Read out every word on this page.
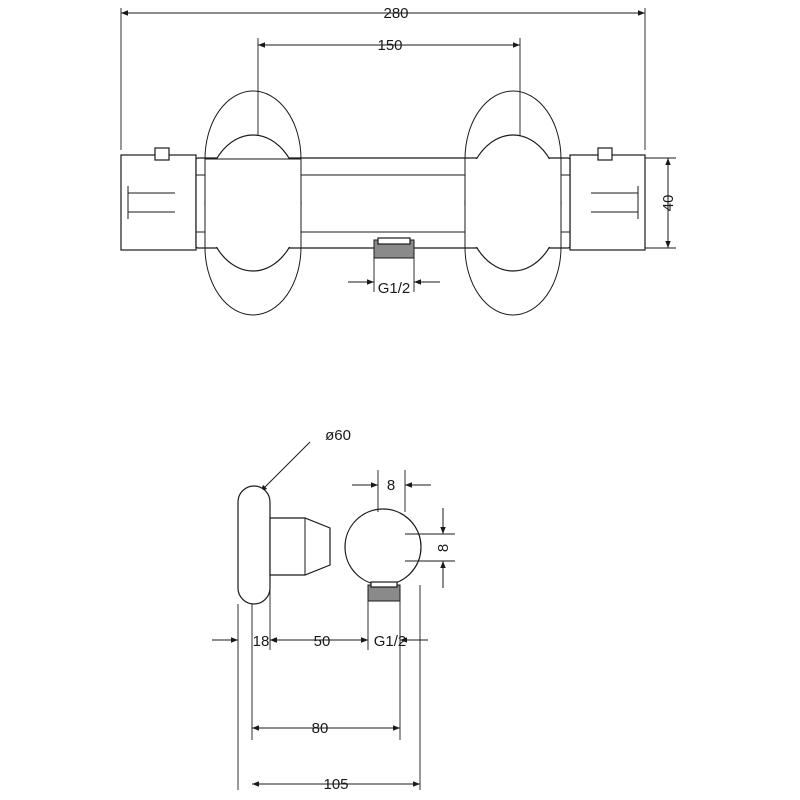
280
150
G1/2
40
ø60
8
8
18	50	G1/2
80
105
